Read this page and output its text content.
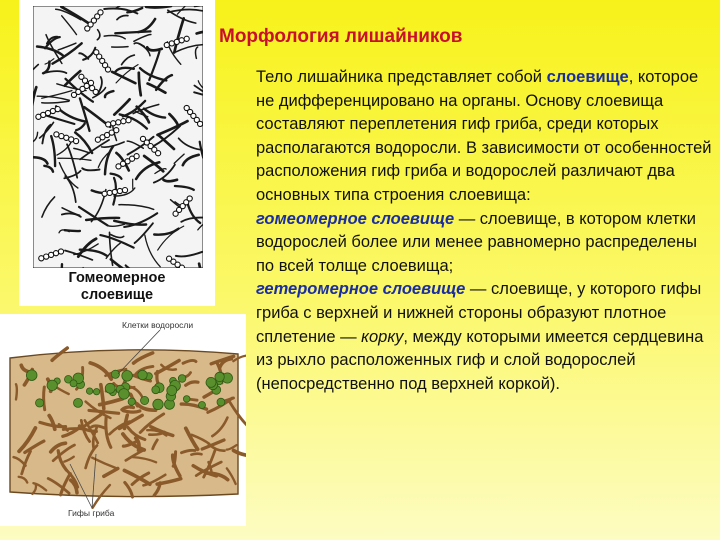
Гомеомерное
слоевище
Клетки водоросли
Гифы гриба
Морфология лишайников
Тело лишайника представляет собой слоевище, которое не дифференцировано на органы. Основу слоевища составляют переплетения гиф гриба, среди которых располагаются водоросли. В зависимости от особенностей расположения гиф гриба и водорослей различают два основных типа строения слоевища:
гомеомерное слоевище — слоевище, в котором клетки водорослей более или менее равномерно распределены по всей толще слоевища;
гетеромерное слоевище — слоевище, у которого гифы гриба с верхней и нижней стороны образуют плотное сплетение — корку, между которыми имеется сердцевина из рыхло расположенных гиф и слой водорослей (непосредственно под верхней коркой).
